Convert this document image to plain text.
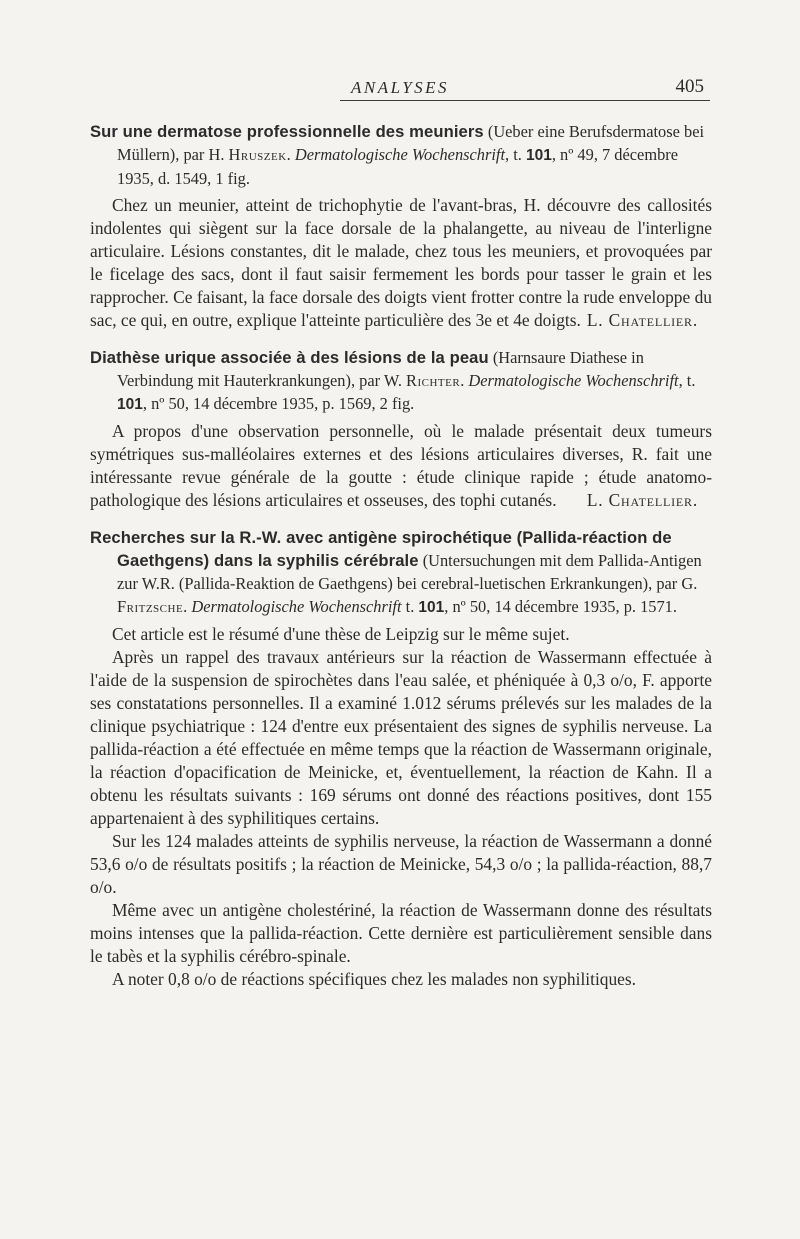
ANALYSES	405

Sur une dermatose professionnelle des meuniers (Ueber eine Berufsdermatose bei Müllern), par H. Hruszek. Dermatologische Wochenschrift, t. 101, nº 49, 7 décembre 1935, d. 1549, 1 fig.

Chez un meunier, atteint de trichophytie de l'avant-bras, H. découvre des callosités indolentes qui siègent sur la face dorsale de la phalangette, au niveau de l'interligne articulaire. Lésions constantes, dit le malade, chez tous les meuniers, et provoquées par le ficelage des sacs, dont il faut saisir fermement les bords pour tasser le grain et les rapprocher. Ce faisant, la face dorsale des doigts vient frotter contre la rude enveloppe du sac, ce qui, en outre, explique l'atteinte particulière des 3e et 4e doigts. L. Chatellier.

Diathèse urique associée à des lésions de la peau (Harnsaure Diathese in Verbindung mit Hauterkrankungen), par W. Richter. Dermatologische Wochenschrift, t. 101, nº 50, 14 décembre 1935, p. 1569, 2 fig.

A propos d'une observation personnelle, où le malade présentait deux tumeurs symétriques sus-malléolaires externes et des lésions articulaires diverses, R. fait une intéressante revue générale de la goutte : étude clinique rapide ; étude anatomo-pathologique des lésions articulaires et osseuses, des tophi cutanés.	L. Chatellier.

Recherches sur la R.-W. avec antigène spirochétique (Pallida-réaction de Gaethgens) dans la syphilis cérébrale (Untersuchungen mit dem Pallida-Antigen zur W.R. (Pallida-Reaktion de Gaethgens) bei cerebral-luetischen Erkrankungen), par G. Fritzsche. Dermatologische Wochenschrift t. 101, nº 50, 14 décembre 1935, p. 1571.

Cet article est le résumé d'une thèse de Leipzig sur le même sujet.

Après un rappel des travaux antérieurs sur la réaction de Wassermann effectuée à l'aide de la suspension de spirochètes dans l'eau salée, et phéniquée à 0,3 o/o, F. apporte ses constatations personnelles. Il a examiné 1.012 sérums prélevés sur les malades de la clinique psychiatrique : 124 d'entre eux présentaient des signes de syphilis nerveuse. La pallida-réaction a été effectuée en même temps que la réaction de Wassermann originale, la réaction d'opacification de Meinicke, et, éventuellement, la réaction de Kahn. Il a obtenu les résultats suivants : 169 sérums ont donné des réactions positives, dont 155 appartenaient à des syphilitiques certains.

Sur les 124 malades atteints de syphilis nerveuse, la réaction de Wassermann a donné 53,6 o/o de résultats positifs ; la réaction de Meinicke, 54,3 o/o ; la pallida-réaction, 88,7 o/o.

Même avec un antigène cholestériné, la réaction de Wassermann donne des résultats moins intenses que la pallida-réaction. Cette dernière est particulièrement sensible dans le tabès et la syphilis cérébro-spinale.

A noter 0,8 o/o de réactions spécifiques chez les malades non syphilitiques.
